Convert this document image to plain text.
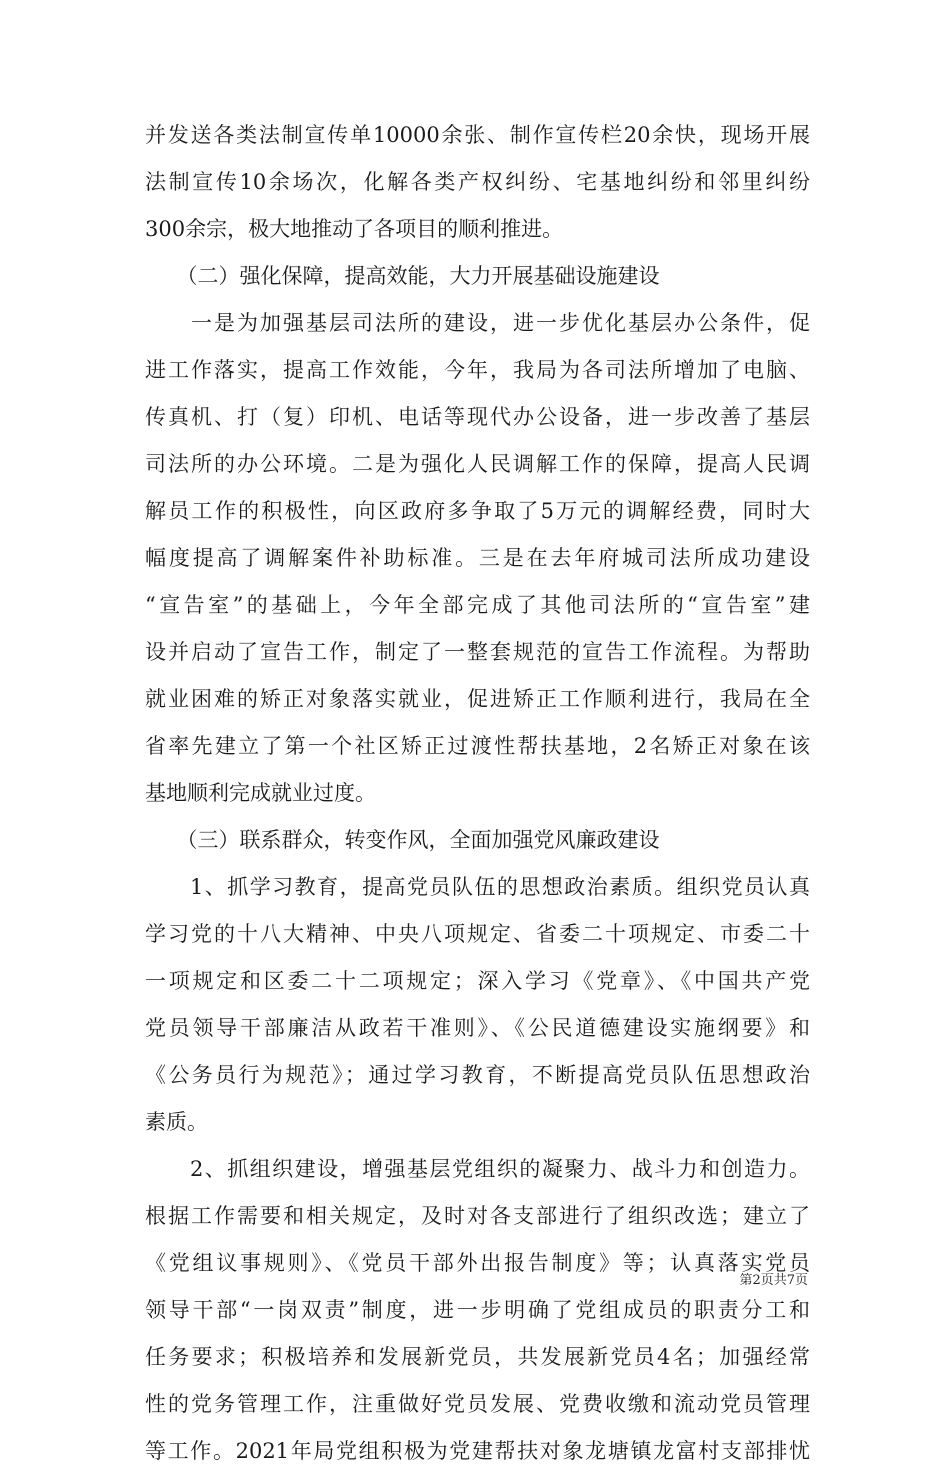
并发送各类法制宣传单10000余张、制作宣传栏20余快，现场开展
法制宣传10余场次，化解各类产权纠纷、宅基地纠纷和邻里纠纷
300余宗，极大地推动了各项目的顺利推进。
　　（二）强化保障，提高效能，大力开展基础设施建设
　　一是为加强基层司法所的建设，进一步优化基层办公条件，促
进工作落实，提高工作效能，今年，我局为各司法所增加了电脑、
传真机、打（复）印机、电话等现代办公设备，进一步改善了基层
司法所的办公环境。二是为强化人民调解工作的保障，提高人民调
解员工作的积极性，向区政府多争取了5万元的调解经费，同时大
幅度提高了调解案件补助标准。三是在去年府城司法所成功建设
“宣告室”的基础上，今年全部完成了其他司法所的“宣告室”建
设并启动了宣告工作，制定了一整套规范的宣告工作流程。为帮助
就业困难的矫正对象落实就业，促进矫正工作顺利进行，我局在全
省率先建立了第一个社区矫正过渡性帮扶基地，2名矫正对象在该
基地顺利完成就业过度。
　　（三）联系群众，转变作风，全面加强党风廉政建设
　　1、抓学习教育，提高党员队伍的思想政治素质。组织党员认真
学习党的十八大精神、中央八项规定、省委二十项规定、市委二十
一项规定和区委二十二项规定；深入学习《党章》、《中国共产党
党员领导干部廉洁从政若干准则》、《公民道德建设实施纲要》和
《公务员行为规范》；通过学习教育，不断提高党员队伍思想政治
素质。
　　2、抓组织建设，增强基层党组织的凝聚力、战斗力和创造力。
根据工作需要和相关规定，及时对各支部进行了组织改选；建立了
《党组议事规则》、《党员干部外出报告制度》等；认真落实党员
领导干部“一岗双责”制度，进一步明确了党组成员的职责分工和
任务要求；积极培养和发展新党员，共发展新党员4名；加强经常
性的党务管理工作，注重做好党员发展、党费收缴和流动党员管理
等工作。2021年局党组积极为党建帮扶对象龙塘镇龙富村支部排忧
第2页共7页
